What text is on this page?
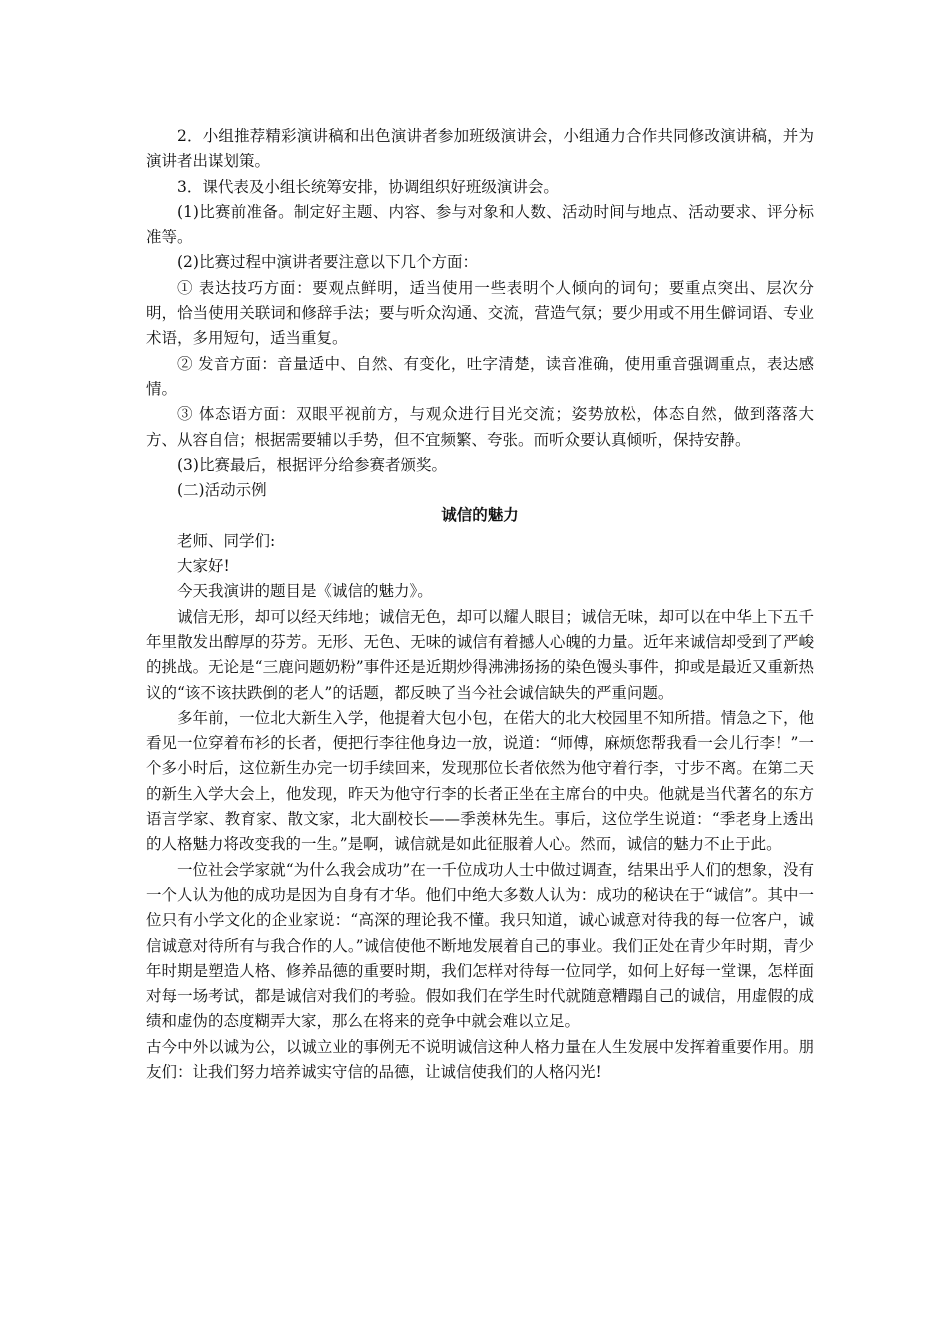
2．小组推荐精彩演讲稿和出色演讲者参加班级演讲会，小组通力合作共同修改演讲稿，并为演讲者出谋划策。

3．课代表及小组长统筹安排，协调组织好班级演讲会。

(1)比赛前准备。制定好主题、内容、参与对象和人数、活动时间与地点、活动要求、评分标准等。

(2)比赛过程中演讲者要注意以下几个方面：

① 表达技巧方面：要观点鲜明，适当使用一些表明个人倾向的词句；要重点突出、层次分明，恰当使用关联词和修辞手法；要与听众沟通、交流，营造气氛；要少用或不用生僻词语、专业术语，多用短句，适当重复。

② 发音方面：音量适中、自然、有变化，吐字清楚，读音准确，使用重音强调重点，表达感情。

③ 体态语方面：双眼平视前方，与观众进行目光交流；姿势放松，体态自然，做到落落大方、从容自信；根据需要辅以手势，但不宜频繁、夸张。而听众要认真倾听，保持安静。

(3)比赛最后，根据评分给参赛者颁奖。

(二)活动示例

诚信的魅力

老师、同学们:

大家好!

今天我演讲的题目是《诚信的魅力》。

诚信无形，却可以经天纬地；诚信无色，却可以耀人眼目；诚信无味，却可以在中华上下五千年里散发出醇厚的芬芳。无形、无色、无味的诚信有着撼人心魄的力量。近年来诚信却受到了严峻的挑战。无论是“三鹿问题奶粉”事件还是近期炒得沸沸扬扬的染色馒头事件，抑或是最近又重新热议的“该不该扶跌倒的老人”的话题，都反映了当今社会诚信缺失的严重问题。

多年前，一位北大新生入学，他提着大包小包，在偌大的北大校园里不知所措。情急之下，他看见一位穿着布衫的长者，便把行李往他身边一放，说道：“师傅，麻烦您帮我看一会儿行李！”一个多小时后，这位新生办完一切手续回来，发现那位长者依然为他守着行李，寸步不离。在第二天的新生入学大会上，他发现，昨天为他守行李的长者正坐在主席台的中央。他就是当代著名的东方语言学家、教育家、散文家，北大副校长——季羡林先生。事后，这位学生说道：“季老身上透出的人格魅力将改变我的一生。”是啊，诚信就是如此征服着人心。然而，诚信的魅力不止于此。

一位社会学家就“为什么我会成功”在一千位成功人士中做过调查，结果出乎人们的想象，没有一个人认为他的成功是因为自身有才华。他们中绝大多数人认为：成功的秘诀在于“诚信”。其中一位只有小学文化的企业家说：“高深的理论我不懂。我只知道，诚心诚意对待我的每一位客户，诚信诚意对待所有与我合作的人。”诚信使他不断地发展着自己的事业。我们正处在青少年时期，青少年时期是塑造人格、修养品德的重要时期，我们怎样对待每一位同学，如何上好每一堂课，怎样面对每一场考试，都是诚信对我们的考验。假如我们在学生时代就随意糟蹋自己的诚信，用虚假的成绩和虚伪的态度糊弄大家，那么在将来的竞争中就会难以立足。

古今中外以诚为公，以诚立业的事例无不说明诚信这种人格力量在人生发展中发挥着重要作用。朋友们：让我们努力培养诚实守信的品德，让诚信使我们的人格闪光!
